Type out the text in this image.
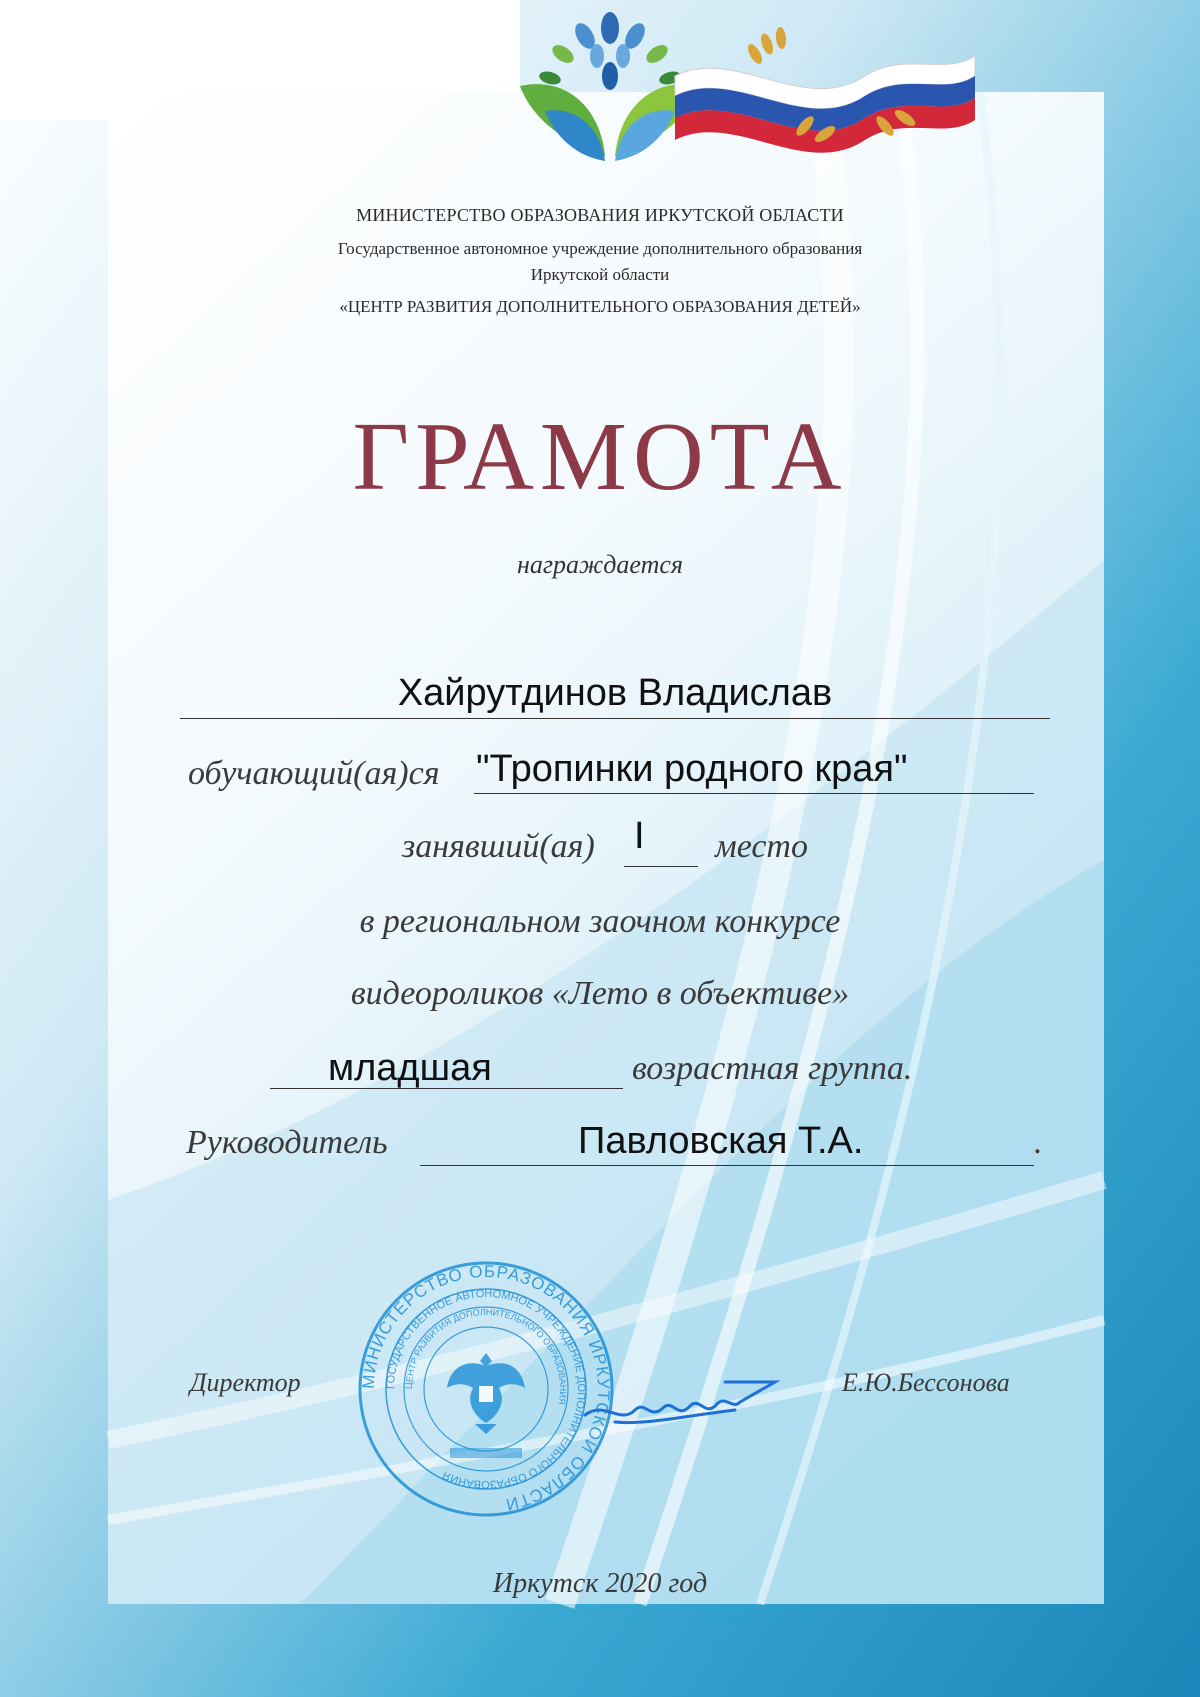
МИНИСТЕРСТВО ОБРАЗОВАНИЯ ИРКУТСКОЙ ОБЛАСТИ
Государственное автономное учреждение дополнительного образования
Иркутской области
«ЦЕНТР РАЗВИТИЯ ДОПОЛНИТЕЛЬНОГО ОБРАЗОВАНИЯ ДЕТЕЙ»
ГРАМОТА
награждается
Хайрутдинов Владислав
обучающий(ая)ся "Тропинки родного края"
занявший(ая) I место
в региональном заочном конкурсе
видеороликов «Лето в объективе»
младшая	возрастная группа.
Руководитель	Павловская Т.А.	.
МИНИСТЕРСТВО ОБРАЗОВАНИЯ ИРКУТСКОЙ ОБЛАСТИ
ГОСУДАРСТВЕННОЕ АВТОНОМНОЕ УЧРЕЖДЕНИЕ ДОПОЛНИТЕЛЬНОГО ОБРАЗОВАНИЯ
ЦЕНТР РАЗВИТИЯ ДОПОЛНИТЕЛЬНОГО ОБРАЗОВАНИЯ
Директор	Е.Ю.Бессонова
Иркутск 2020 год
